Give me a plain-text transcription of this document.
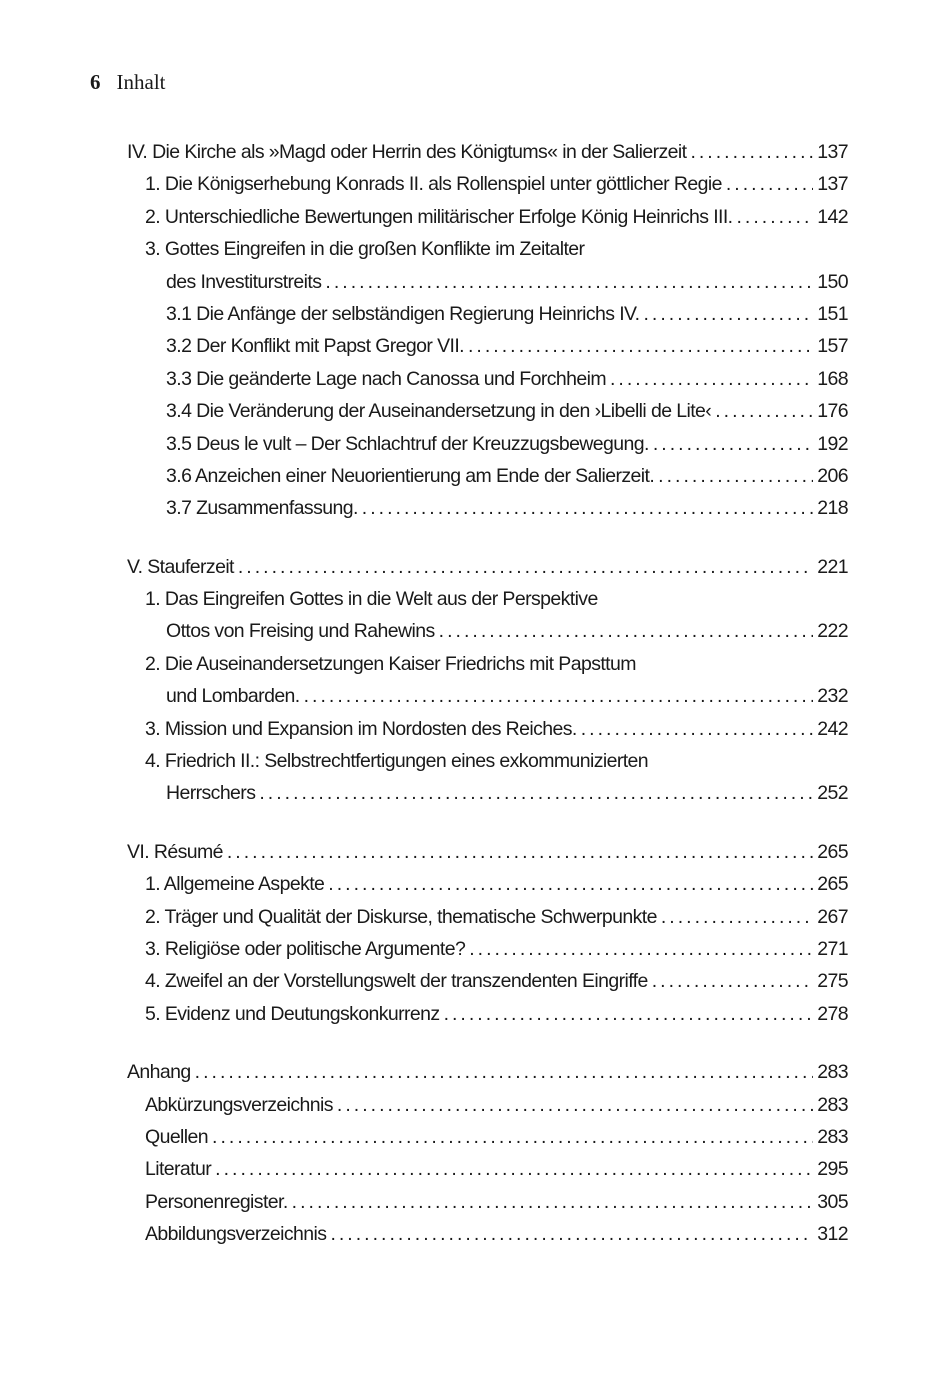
6 Inhalt
IV. Die Kirche als »Magd oder Herrin des Königtums« in der Salierzeit . . .	137
1. Die Königserhebung Konrads II. als Rollenspiel unter göttlicher Regie . . .	137
2. Unterschiedliche Bewertungen militärischer Erfolge König Heinrichs III. . . .	142
3. Gottes Eingreifen in die großen Konflikte im Zeitalter
des Investiturstreits . . .	150
3.1 Die Anfänge der selbständigen Regierung Heinrichs IV. . . .	151
3.2 Der Konflikt mit Papst Gregor VII. . . .	157
3.3 Die geänderte Lage nach Canossa und Forchheim . . .	168
3.4 Die Veränderung der Auseinandersetzung in den ›Libelli de Lite‹ . . .	176
3.5 Deus le vult – Der Schlachtruf der Kreuzzugsbewegung. . . .	192
3.6 Anzeichen einer Neuorientierung am Ende der Salierzeit. . . .	206
3.7 Zusammenfassung. . . .	218
V. Stauferzeit . . .	221
1. Das Eingreifen Gottes in die Welt aus der Perspektive
Ottos von Freising und Rahewins . . .	222
2. Die Auseinandersetzungen Kaiser Friedrichs mit Papsttum
und Lombarden. . . .	232
3. Mission und Expansion im Nordosten des Reiches. . . .	242
4. Friedrich II.: Selbstrechtfertigungen eines exkommunizierten
Herrschers . . .	252
VI. Résumé . . .	265
1. Allgemeine Aspekte . . .	265
2. Träger und Qualität der Diskurse, thematische Schwerpunkte . . .	267
3. Religiöse oder politische Argumente? . . .	271
4. Zweifel an der Vorstellungswelt der transzendenten Eingriffe . . .	275
5. Evidenz und Deutungskonkurrenz . . .	278
Anhang . . .	283
Abkürzungsverzeichnis . . .	283
Quellen . . .	283
Literatur . . .	295
Personenregister. . . .	305
Abbildungsverzeichnis . . .	312
